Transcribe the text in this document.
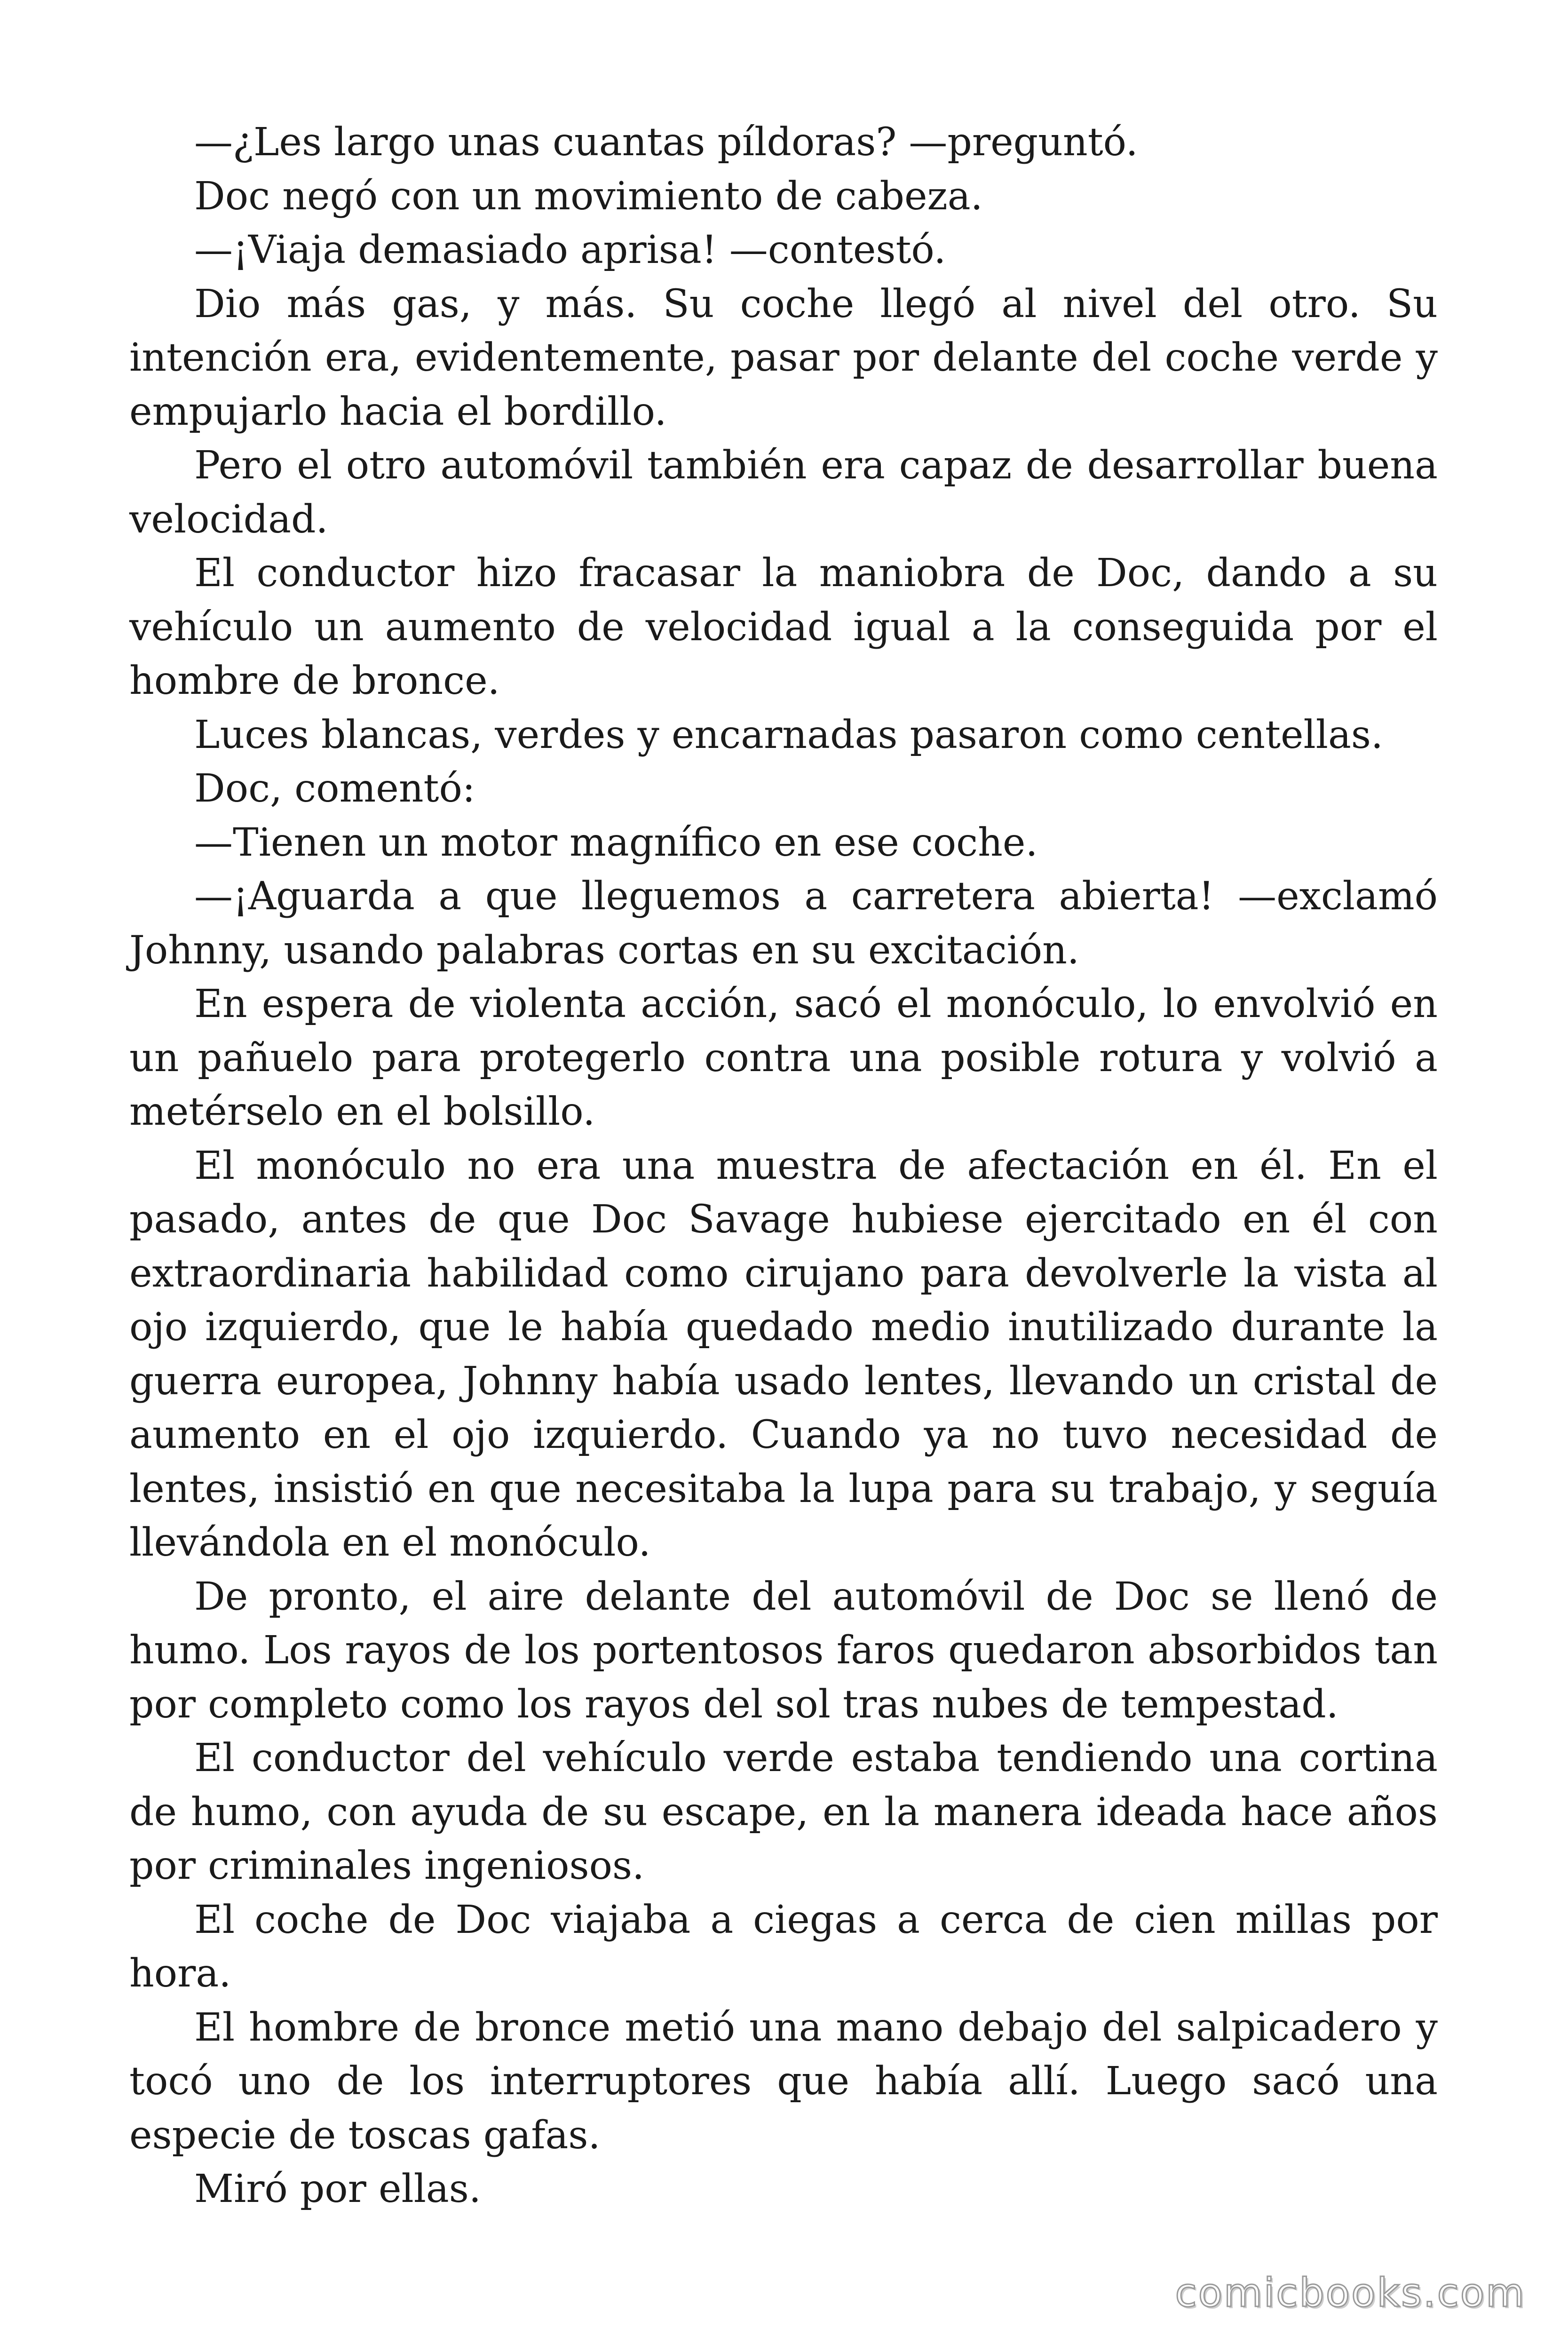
—¿Les largo unas cuantas píldoras? —preguntó.

Doc negó con un movimiento de cabeza.

—¡Viaja demasiado aprisa! —contestó.

Dio más gas, y más. Su coche llegó al nivel del otro. Su intención era, evidentemente, pasar por delante del coche verde y empujarlo hacia el bordillo.

Pero el otro automóvil también era capaz de desarrollar buena velocidad.

El conductor hizo fracasar la maniobra de Doc, dando a su vehículo un aumento de velocidad igual a la conseguida por el hombre de bronce.

Luces blancas, verdes y encarnadas pasaron como centellas.

Doc, comentó:

—Tienen un motor magnífico en ese coche.

—¡Aguarda a que lleguemos a carretera abierta! —exclamó Johnny, usando palabras cortas en su excitación.

En espera de violenta acción, sacó el monóculo, lo envolvió en un pañuelo para protegerlo contra una posible rotura y volvió a metérselo en el bolsillo.

El monóculo no era una muestra de afectación en él. En el pasado, antes de que Doc Savage hubiese ejercitado en él con extraordinaria habilidad como cirujano para devolverle la vista al ojo izquierdo, que le había quedado medio inutilizado durante la guerra europea, Johnny había usado lentes, llevando un cristal de aumento en el ojo izquierdo. Cuando ya no tuvo necesidad de lentes, insistió en que necesitaba la lupa para su trabajo, y seguía llevándola en el monóculo.

De pronto, el aire delante del automóvil de Doc se llenó de humo. Los rayos de los portentosos faros quedaron absorbidos tan por completo como los rayos del sol tras nubes de tempestad.

El conductor del vehículo verde estaba tendiendo una cortina de humo, con ayuda de su escape, en la manera ideada hace años por criminales ingeniosos.

El coche de Doc viajaba a ciegas a cerca de cien millas por hora.

El hombre de bronce metió una mano debajo del salpicadero y tocó uno de los interruptores que había allí. Luego sacó una especie de toscas gafas.

Miró por ellas.

comicbooks.com
